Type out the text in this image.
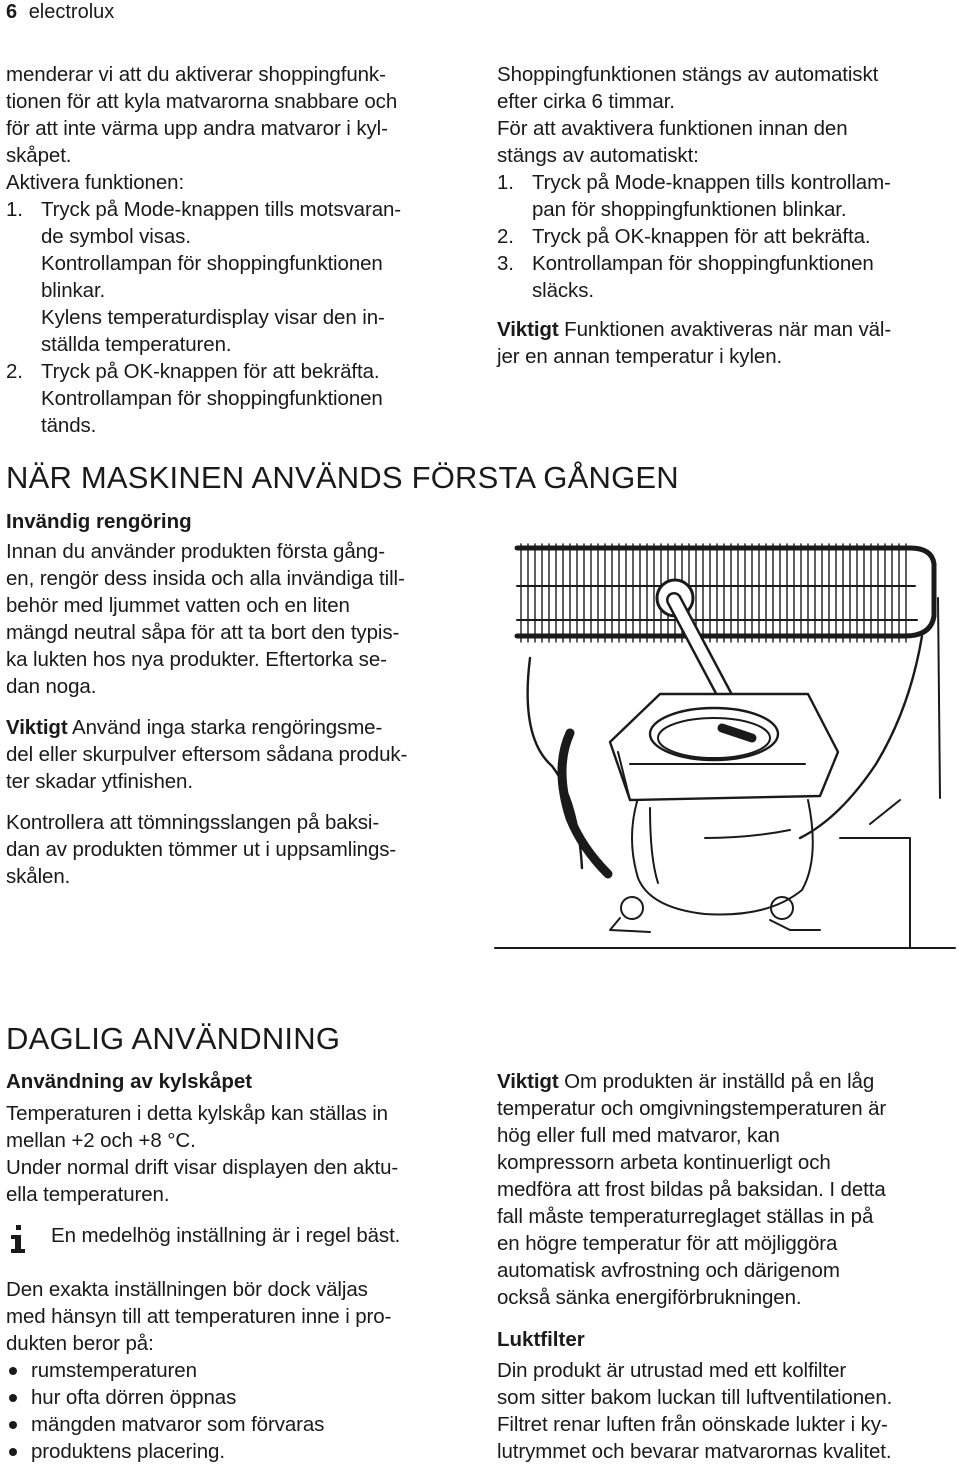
6 electrolux

menderar vi att du aktiverar shoppingfunk-

tionen för att kyla matvarorna snabbare och

för att inte värma upp andra matvaror i kyl-

skåpet.

Aktivera funktionen:

1. Tryck på Mode-knappen tills motsvaran-

de symbol visas.

Kontrollampan för shoppingfunktionen

blinkar.

Kylens temperaturdisplay visar den in-

ställda temperaturen.

2. Tryck på OK-knappen för att bekräfta.

Kontrollampan för shoppingfunktionen

tänds.

Shoppingfunktionen stängs av automatiskt

efter cirka 6 timmar.

För att avaktivera funktionen innan den

stängs av automatiskt:

1. Tryck på Mode-knappen tills kontrollam-

pan för shoppingfunktionen blinkar.

2. Tryck på OK-knappen för att bekräfta.

3. Kontrollampan för shoppingfunktionen

släcks.

Viktigt Funktionen avaktiveras när man väl-

jer en annan temperatur i kylen.

NÄR MASKINEN ANVÄNDS FÖRSTA GÅNGEN
Invändig rengöring

Innan du använder produkten första gång-

en, rengör dess insida och alla invändiga till-

behör med ljummet vatten och en liten

mängd neutral såpa för att ta bort den typis-

ka lukten hos nya produkter. Eftertorka se-

dan noga.

Viktigt Använd inga starka rengöringsme-

del eller skurpulver eftersom sådana produk-

ter skadar ytfinishen.

Kontrollera att tömningsslangen på baksi-

dan av produkten tömmer ut i uppsamlings-

skålen.

DAGLIG ANVÄNDNING
Användning av kylskåpet

Temperaturen i detta kylskåp kan ställas in

mellan +2 och +8 °C.

Under normal drift visar displayen den aktu-

ella temperaturen.

En medelhög inställning är i regel bäst.

Den exakta inställningen bör dock väljas

med hänsyn till att temperaturen inne i pro-

dukten beror på:

rumstemperaturen
hur ofta dörren öppnas
mängden matvaror som förvaras
produktens placering.

Viktigt Om produkten är inställd på en låg

temperatur och omgivningstemperaturen är

hög eller full med matvaror, kan

kompressorn arbeta kontinuerligt och

medföra att frost bildas på baksidan. I detta

fall måste temperaturreglaget ställas in på

en högre temperatur för att möjliggöra

automatisk avfrostning och därigenom

också sänka energiförbrukningen.

Luktfilter

Din produkt är utrustad med ett kolfilter

som sitter bakom luckan till luftventilationen.

Filtret renar luften från oönskade lukter i ky-

lutrymmet och bevarar matvarornas kvalitet.
